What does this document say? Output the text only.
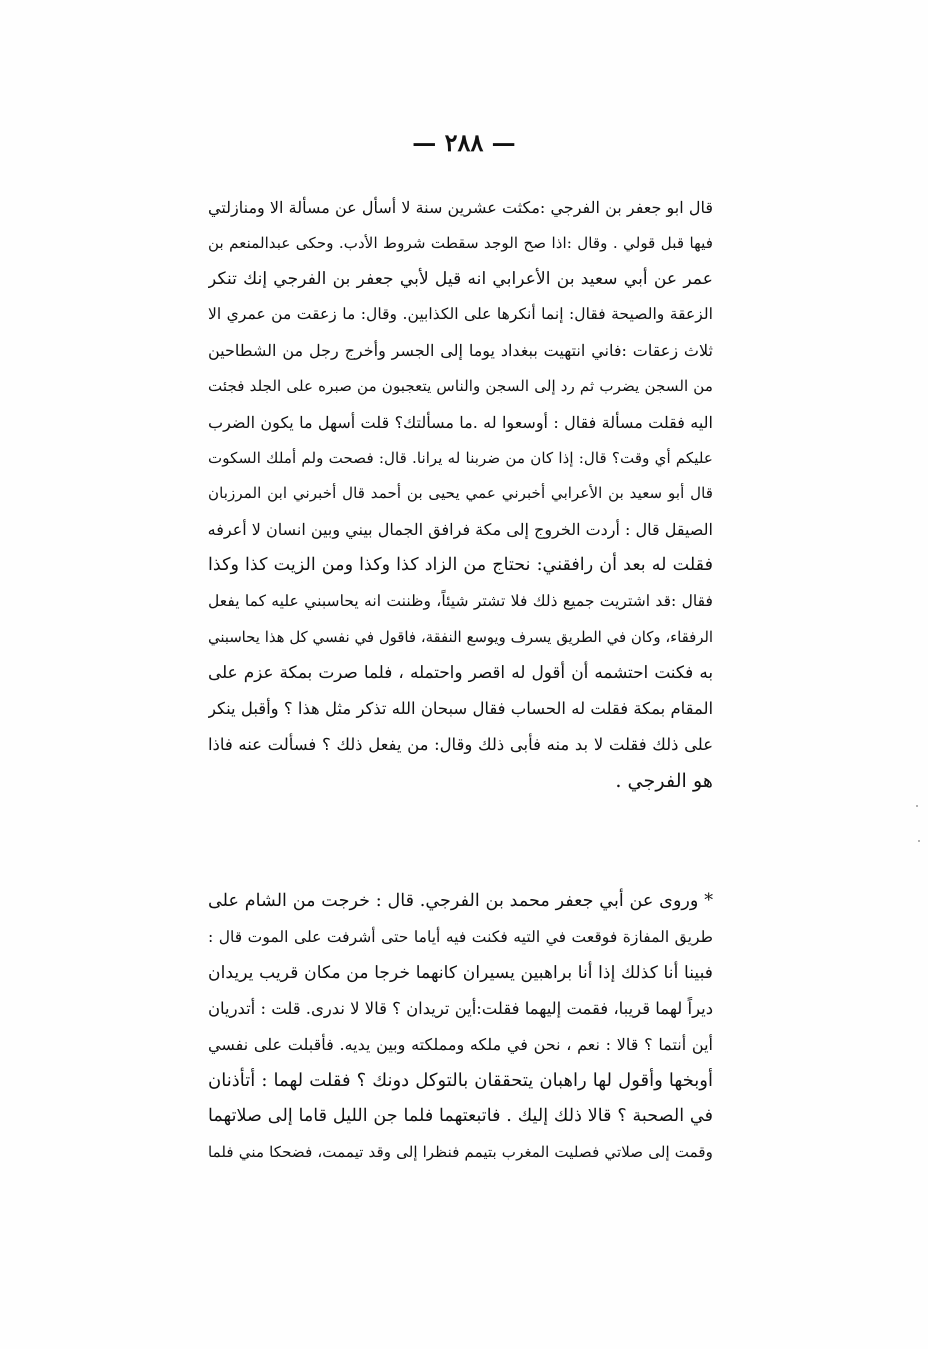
— ٢٨٨ —
قال ابو جعفر بن الفرجي :مكثت عشرين سنة لا أسأل عن مسألة الا ومنازلتي
فيها قبل قولي . وقال :اذا صح الوجد سقطت شروط الأدب. وحكى عبدالمنعم بن
عمر عن أبي سعيد بن الأعرابي انه قيل لأبي جعفر بن الفرجي إنك تنكر
الزعقة والصيحة فقال: إنما أنكرها على الكذابين. وقال: ما زعقت من عمري الا
ثلاث زعقات :فاني انتهيت ببغداد يوما إلى الجسر وأخرج رجل من الشطاحين
من السجن يضرب ثم رد إلى السجن والناس يتعجبون من صبره على الجلد فجئت
اليه فقلت مسألة فقال : أوسعوا له .ما مسألتك؟ قلت أسهل ما يكون الضرب
عليكم أي وقت؟ قال: إذا كان من ضربنا له يرانا. قال: فصحت ولم أملك السكوت
قال أبو سعيد بن الأعرابي أخبرني عمي يحيى بن أحمد قال أخبرني ابن المرزبان
الصيقل قال : أردت الخروج إلى مكة فرافق الجمال بيني وبين انسان لا أعرفه
فقلت له بعد أن رافقني: نحتاج من الزاد كذا وكذا ومن الزيت كذا وكذا
فقال :قد اشتريت جميع ذلك فلا تشتر شيئاً، وظننت انه يحاسبني عليه كما يفعل
الرفقاء، وكان في الطريق يسرف ويوسع النفقة، فاقول في نفسي كل هذا يحاسبني
به فكنت احتشمه أن أقول له اقصر واحتمله ، فلما صرت بمكة عزم على
المقام بمكة فقلت له الحساب فقال سبحان الله تذكر مثل هذا ؟ وأقبل ينكر
على ذلك فقلت لا بد منه فأبى ذلك وقال: من يفعل ذلك ؟ فسألت عنه فاذا
هو الفرجي .
* وروى عن أبي جعفر محمد بن الفرجي. قال : خرجت من الشام على
طريق المفازة فوقعت في التيه فكنت فيه أياما حتى أشرفت على الموت قال :
فبينا أنا كذلك إذا أنا براهبين يسيران كانهما خرجا من مكان قريب يريدان
ديراً لهما قريبا، فقمت إليهما فقلت:أين تريدان ؟ قالا لا ندرى. قلت : أتدريان
أين أنتما ؟ قالا : نعم ، نحن في ملكه ومملكته وبين يديه. فأقبلت على نفسي
أوبخها وأقول لها راهبان يتحققان بالتوكل دونك ؟ فقلت لهما : أتأذنان
في الصحبة ؟ قالا ذلك إليك . فاتبعتهما فلما جن الليل قاما إلى صلاتهما
وقمت إلى صلاتي فصليت المغرب بتيمم فنظرا إلى وقد تيممت، فضحكا مني فلما
